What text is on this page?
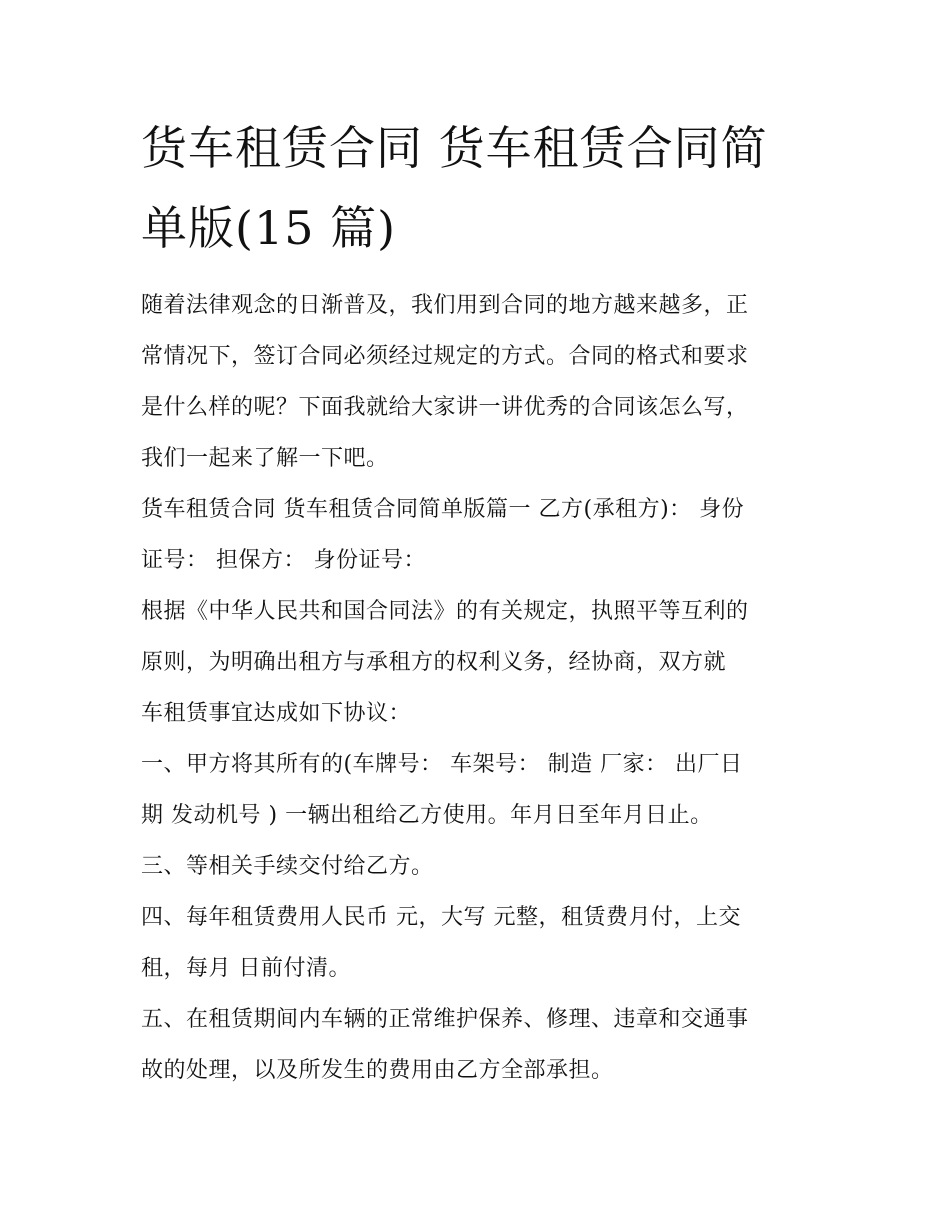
货车租赁合同 货车租赁合同简
单版(15 篇)

随着法律观念的日渐普及，我们用到合同的地方越来越多，正
常情况下，签订合同必须经过规定的方式。合同的格式和要求
是什么样的呢？下面我就给大家讲一讲优秀的合同该怎么写，
我们一起来了解一下吧。

货车租赁合同 货车租赁合同简单版篇一 乙方(承租方)： 身份
证号： 担保方： 身份证号：

根据《中华人民共和国合同法》的有关规定，执照平等互利的
原则，为明确出租方与承租方的权利义务，经协商，双方就
车租赁事宜达成如下协议：

一、甲方将其所有的(车牌号： 车架号： 制造 厂家： 出厂日
期 发动机号 ) 一辆出租给乙方使用。年月日至年月日止。

三、等相关手续交付给乙方。

四、每年租赁费用人民币 元，大写 元整，租赁费月付，上交
租，每月 日前付清。

五、在租赁期间内车辆的正常维护保养、修理、违章和交通事
故的处理，以及所发生的费用由乙方全部承担。
